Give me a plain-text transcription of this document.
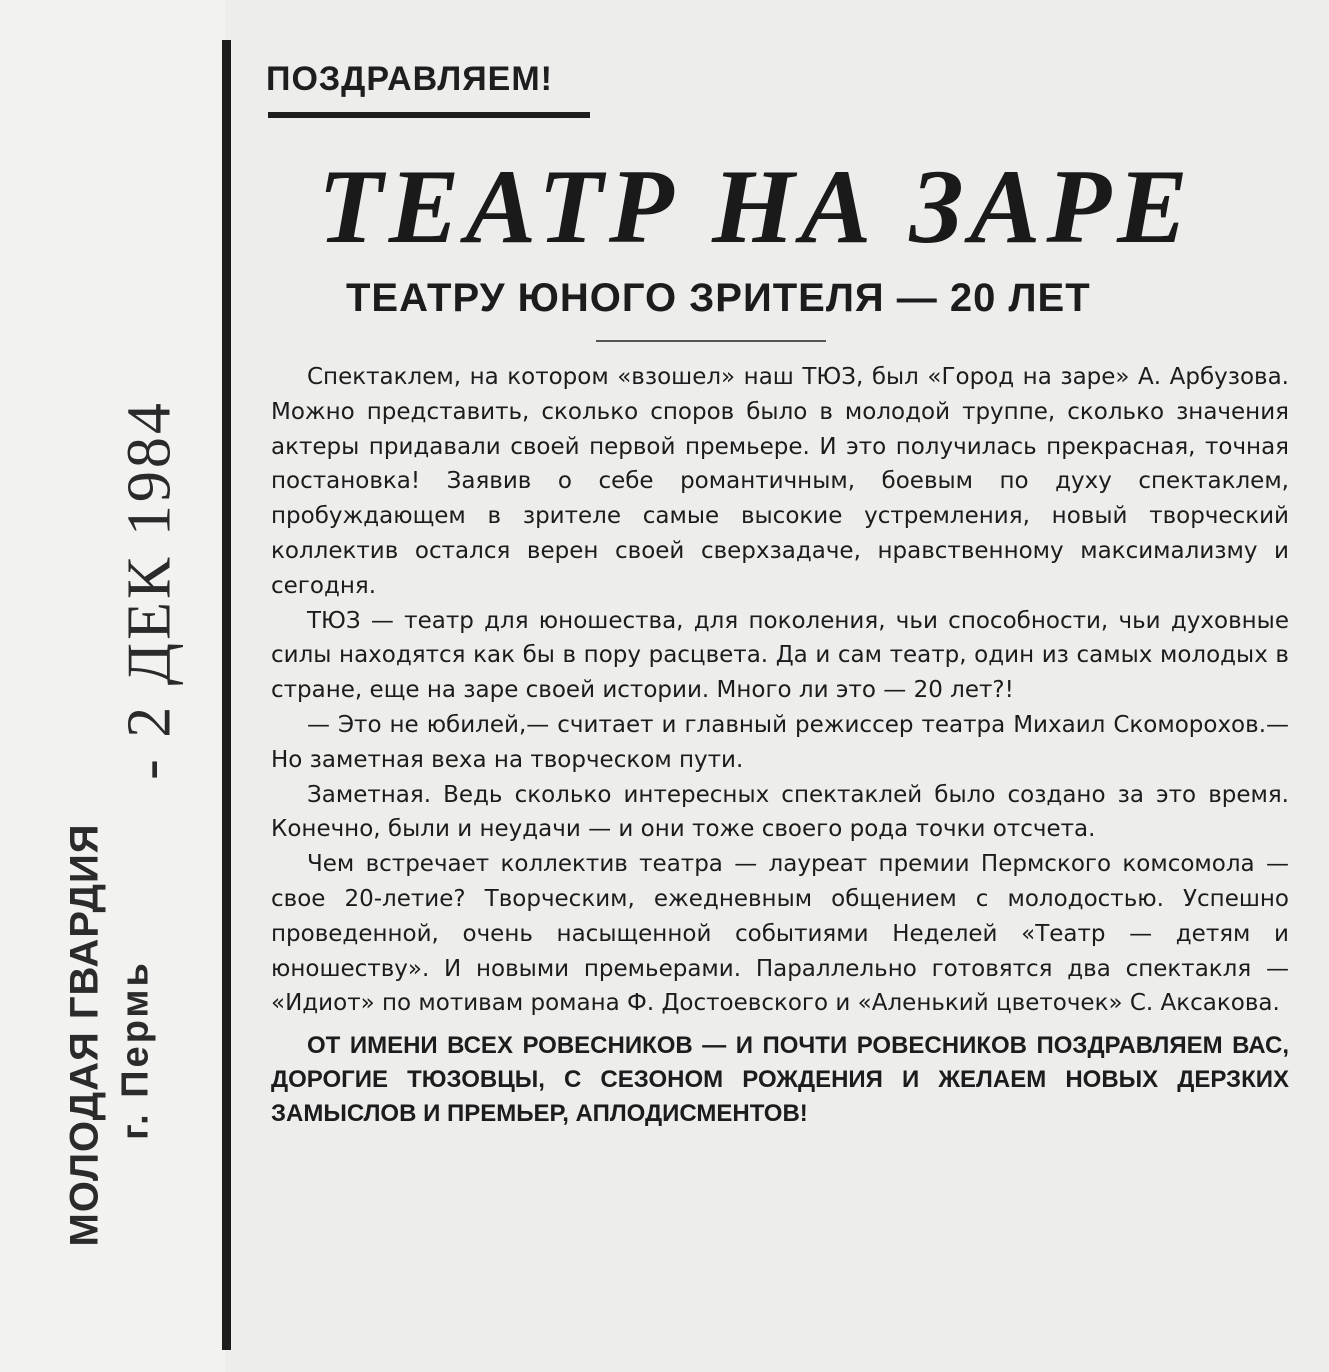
- 2 ДЕК 1984
МОЛОДАЯ ГВАРДИЯ г. Пермь
ПОЗДРАВЛЯЕМ!
ТЕАТР НА ЗАРЕ
ТЕАТРУ ЮНОГО ЗРИТЕЛЯ — 20 ЛЕТ

Спектаклем, на котором «взошел» наш ТЮЗ, был «Город на заре» А. Арбузова. Можно представить, сколько споров было в молодой труппе, сколько значения актеры придавали своей первой премьере. И это получилась прекрасная, точная постановка! Заявив о себе романтичным, боевым по духу спектаклем, пробуждающем в зрителе самые высокие устремления, новый творческий коллектив остался верен своей сверхзадаче, нравственному максимализму и сегодня.

ТЮЗ — театр для юношества, для поколения, чьи способности, чьи духовные силы находятся как бы в пору расцвета. Да и сам театр, один из самых молодых в стране, еще на заре своей истории. Много ли это — 20 лет?!

— Это не юбилей,— считает и главный режиссер театра Михаил Скоморохов.— Но заметная веха на творческом пути.

Заметная. Ведь сколько интересных спектаклей было создано за это время. Конечно, были и неудачи — и они тоже своего рода точки отсчета.

Чем встречает коллектив театра — лауреат премии Пермского комсомола — свое 20-летие? Творческим, ежедневным общением с молодостью. Успешно проведенной, очень насыщенной событиями Неделей «Театр — детям и юношеству». И новыми премьерами. Параллельно готовятся два спектакля — «Идиот» по мотивам романа Ф. Достоевского и «Аленький цветочек» С. Аксакова.

ОТ ИМЕНИ ВСЕХ РОВЕСНИКОВ — И ПОЧТИ РОВЕСНИКОВ ПОЗДРАВЛЯЕМ ВАС, ДОРОГИЕ ТЮЗОВЦЫ, С СЕЗОНОМ РОЖДЕНИЯ И ЖЕЛАЕМ НОВЫХ ДЕРЗКИХ ЗАМЫСЛОВ И ПРЕМЬЕР, АПЛОДИСМЕНТОВ!
